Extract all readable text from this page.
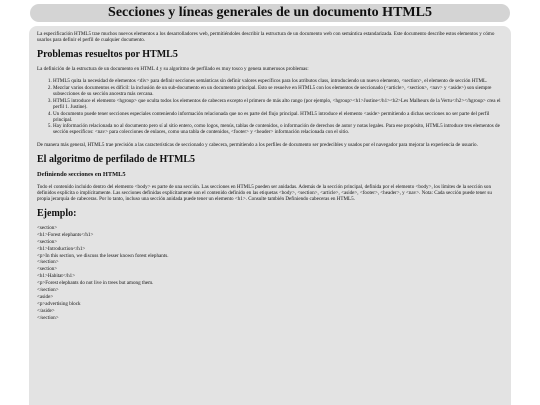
Secciones y líneas generales de un documento HTML5

La especificación HTML5 trae muchos nuevos elementos a los desarrolladores web, permitiéndoles describir la estructura de un documento web con semántica estandarizada. Este documento describe estos elementos y cómo usarlos para definir el perfil de cualquier documento.

Problemas resueltos por HTML5

La definición de la estructura de un documento en HTML 4 y su algoritmo de perfilado es muy tosco y genera numerosos problemas:

1. HTML5 quita la necesidad de elementos <div> para definir secciones semánticas sin definir valores específicos para los atributos class, introduciendo un nuevo elemento, <section>, el elemento de sección HTML.
2. Mezclar varios documentos es difícil: la inclusión de un sub-documento en un documento principal. Esto se resuelve en HTML5 con los elementos de seccionado (<article>, <section>, <nav> y <aside>) son siempre subsecciones de su sección ancestra más cercana.
3. HTML5 introduce el elemento <hgroup> que oculta todos los elementos de cabecera excepto el primero de más alto rango (por ejemplo, <hgroup><h1>Justine</h1><h2>Les Malheurs de la Vertu</h2></hgroup> crea el perfil 1. Justine).
4. Un documento puede tener secciones especiales conteniendo información relacionada que no es parte del flujo principal. HTML5 introduce el elemento <aside> permitiendo a dichas secciones no ser parte del perfil principal.
5. Hay información relacionada no al documento pero sí al sitio entero, como logos, menús, tablas de contenidos, o información de derechos de autor y notas legales. Para ese propósito, HTML5 introduce tres elementos de sección específicos: <nav> para colecciones de enlaces, como una tabla de contenidos, <footer> y <header> información relacionada con el sitio.

De manera más general, HTML5 trae precisión a las características de seccionado y cabecera, permitiendo a los perfiles de documento ser predecibles y usados por el navegador para mejorar la experiencia de usuario.

El algoritmo de perfilado de HTML5
Definiendo secciones en HTML5

Todo el contenido incluido dentro del elemento <body> es parte de una sección. Las secciones en HTML5 pueden ser anidadas. Además de la sección principal, definida por el elemento <body>, los límites de la sección son definidos explícita o implícitamente. Las secciones definidas explícitamente son el contenido definido en las etiquetas <body>, <section>, <article>, <aside>, <footer>, <header>, y <nav>. Nota: Cada sección puede tener su propia jerarquía de cabeceras. Por lo tanto, incluso una sección anidada puede tener un elemento <h1>. Consulte también Definiendo cabeceras en HTML5.

Ejemplo:
<section>
<h1>Forest elephants</h1>
<section>
<h1>Introduction</h1>
<p>In this section, we discuss the lesser known forest elephants.
</section>
<section>
<h1>Habitat</h1>
<p>Forest elephants do not live in trees but among them.
</section>
<aside>
<p>advertising block
</aside>
</section>
